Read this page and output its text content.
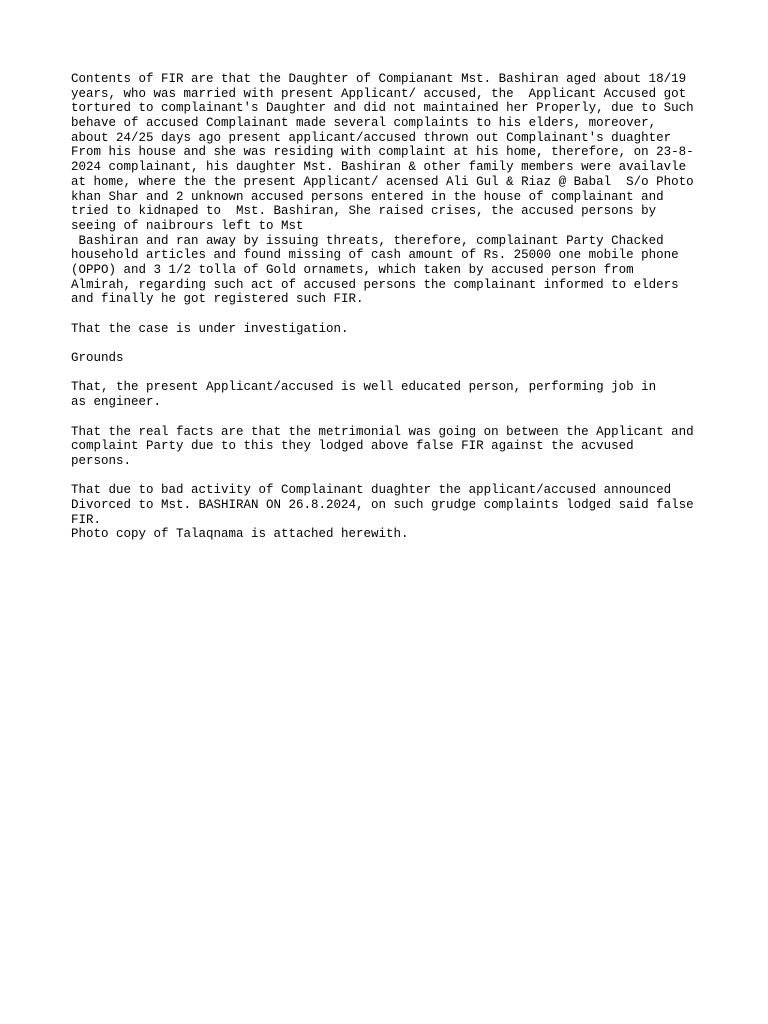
Contents of FIR are that the Daughter of Compianant Mst. Bashiran aged about 18/19
years, who was married with present Applicant/ accused, the  Applicant Accused got
tortured to complainant's Daughter and did not maintained her Properly, due to Such
behave of accused Complainant made several complaints to his elders, moreover,
about 24/25 days ago present applicant/accused thrown out Complainant's duaghter
From his house and she was residing with complaint at his home, therefore, on 23-8-
2024 complainant, his daughter Mst. Bashiran & other family members were availavle
at home, where the the present Applicant/ acensed Ali Gul & Riaz @ Babal  S/o Photo
khan Shar and 2 unknown accused persons entered in the house of complainant and
tried to kidnaped to  Mst. Bashiran, She raised crises, the accused persons by
seeing of naibrours left to Mst
Bashiran and ran away by issuing threats, therefore, complainant Party Chacked
household articles and found missing of cash amount of Rs. 25000 one mobile phone
(OPPO) and 3 1/2 tolla of Gold ornamets, which taken by accused person from
Almirah, regarding such act of accused persons the complainant informed to elders
and finally he got registered such FIR.
That the case is under investigation.
Grounds
That, the present Applicant/accused is well educated person, performing job in
as engineer.
That the real facts are that the metrimonial was going on between the Applicant and
complaint Party due to this they lodged above false FIR against the acvused
persons.
That due to bad activity of Complainant duaghter the applicant/accused announced
Divorced to Mst. BASHIRAN ON 26.8.2024, on such grudge complaints lodged said false
FIR.
Photo copy of Talaqnama is attached herewith.
